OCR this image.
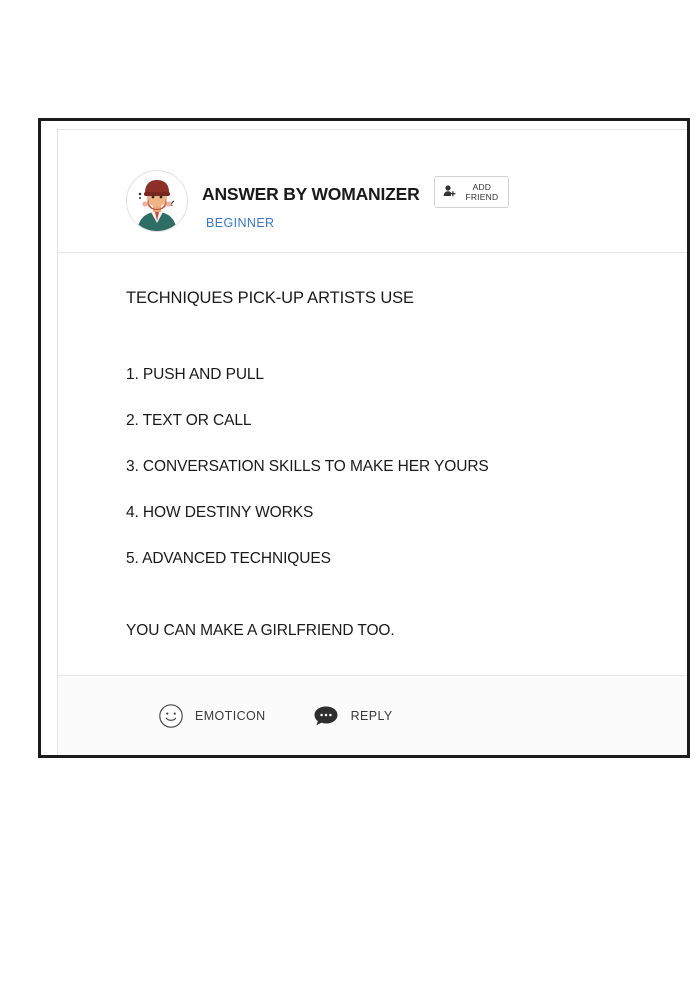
ANSWER BY WOMANIZER	ADD
FRIEND
BEGINNER
TECHNIQUES PICK-UP ARTISTS USE
1. PUSH AND PULL
2. TEXT OR CALL
3. CONVERSATION SKILLS TO MAKE HER YOURS
4. HOW DESTINY WORKS
5. ADVANCED TECHNIQUES
YOU CAN MAKE A GIRLFRIEND TOO.
EMOTICON	REPLY
